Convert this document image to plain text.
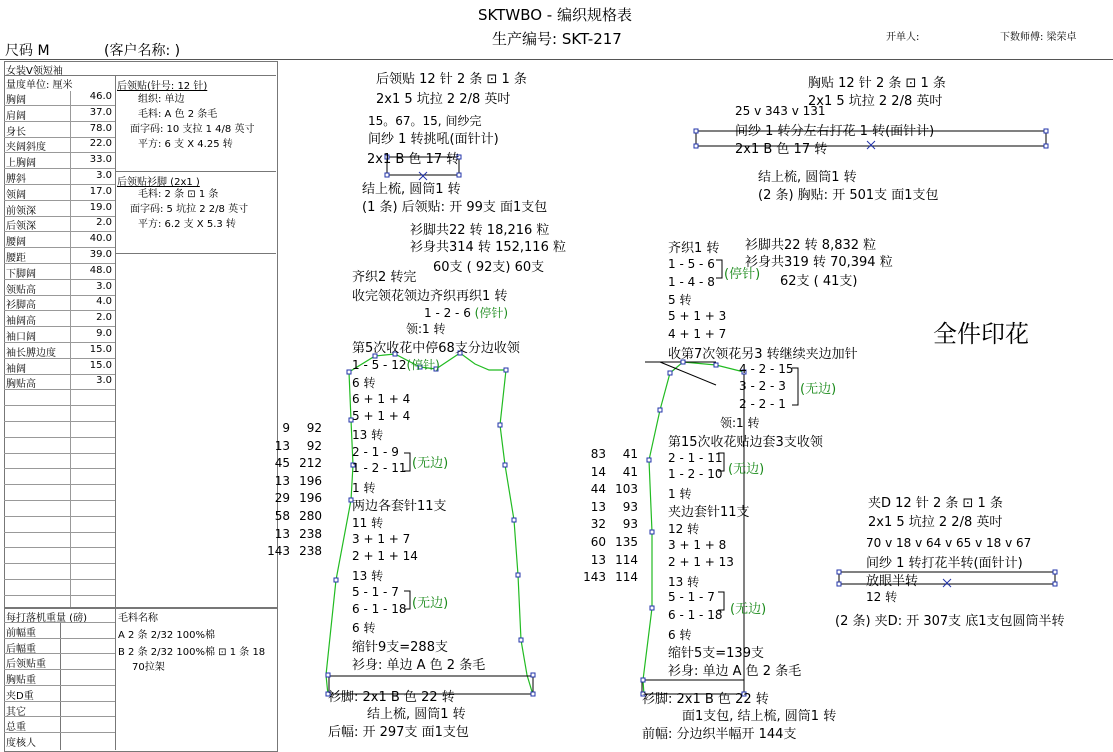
SKTWBO - 编织规格表
生产编号: SKT-217	开单人:	下数师傅: 梁荣卓
尺码 M	(客户名称: )
女装V领短袖
量度单位: 厘米
胸阔	46.0
肩阔	37.0
身长	78.0
夹阔斜度	22.0
上胸阔	33.0
膊斜	3.0
领阔	17.0
前领深	19.0
后领深	2.0
腰阔	40.0
腰距	39.0
下脚阔	48.0
领贴高	3.0
衫脚高	4.0
袖阔高	2.0
袖口阔	9.0
袖长膊边度	15.0
袖阔	15.0
胸贴高	3.0
后领贴(针号: 12 针)
组织: 单边
毛料: A 色 2 条毛
面字码: 10 支拉 1 4/8 英寸
平方: 6 支 X 4.25 转
后领贴衫脚 (2x1 )
毛料: 2 条 ⊡ 1 条
面字码: 5 坑拉 2 2/8 英寸
平方: 6.2 支 X 5.3 转
每打落机重量 (磅)	毛料名称
前幅重
后幅重
后领贴重
胸贴重
夹D重
其它
总重
度核人
A 2 条 2/32 100%棉
B 2 条 2/32 100%棉 ⊡ 1 条 18
70拉架
后领贴 12 针 2 条 ⊡ 1 条
2x1 5 坑拉 2 2/8 英吋
15。67。15, 间纱完
间纱 1 转挑吼(面针计)
2x1 B 色 17 转
结上梳, 圆筒1 转
(1 条) 后领贴: 开 99支 面1支包
衫脚共22 转 18,216 粒
衫身共314 转 152,116 粒
60支 ( 92支) 60支
齐织2 转完
收完领花领边齐织再织1 转
1 - 2 - 6 (停针)
领:1 转
第5次收花中停68支分边收领
1 - 5 - 12(停针)
6 转
6 + 1 + 4
5 + 1 + 4
13 转
2 - 1 - 9
1 - 2 - 11 (无边)
1 转
两边各套针11支
11 转
3 + 1 + 7
2 + 1 + 14
13 转
5 - 1 - 7
6 - 1 - 18 (无边)
6 转
缩针9支=288支
衫身: 单边 A 色 2 条毛
衫脚: 2x1 B 色 22 转
结上梳, 圆筒1 转
后幅: 开 297支 面1支包
9	92
13	92
45 212
13 196
29 196
58 280
13 238
143 238
胸贴 12 针 2 条 ⊡ 1 条
2x1 5 坑拉 2 2/8 英吋
25 v 343 v 131
间纱 1 转分左右打花 1 转(面针计)
2x1 B 色 17 转
结上梳, 圆筒1 转
(2 条) 胸贴: 开 501支 面1支包
齐织1 转 衫脚共22 转 8,832 粒
衫身共319 转 70,394 粒
62支 ( 41支)
1 - 5 - 6
1 - 4 - 8 (停针)
5 转
5 + 1 + 3
4 + 1 + 7
收第7次领花另3 转继续夹边加针
4 - 2 - 15
3 - 2 - 3 (无边)
2 - 2 - 1
领:1 转
第15次收花贴边套3支收领
2 - 1 - 11
1 - 2 - 10 (无边)
1 转
夹边套针11支
12 转
3 + 1 + 8
2 + 1 + 13
13 转
5 - 1 - 7
6 - 1 - 18 (无边)
6 转
缩针5支=139支
衫身: 单边 A 色 2 条毛
衫脚: 2x1 B 色 22 转
面1支包, 结上梳, 圆筒1 转
前幅: 分边织半幅开 144支
83	41
14	41
44 103
13	93
32	93
60 135
13 114
143 114
全件印花
夹D 12 针 2 条 ⊡ 1 条
2x1 5 坑拉 2 2/8 英吋
70 v 18 v 64 v 65 v 18 v 67
间纱 1 转打花半转(面针计)
放眼半转
12 转
(2 条) 夹D: 开 307支 底1支包圆筒半转
